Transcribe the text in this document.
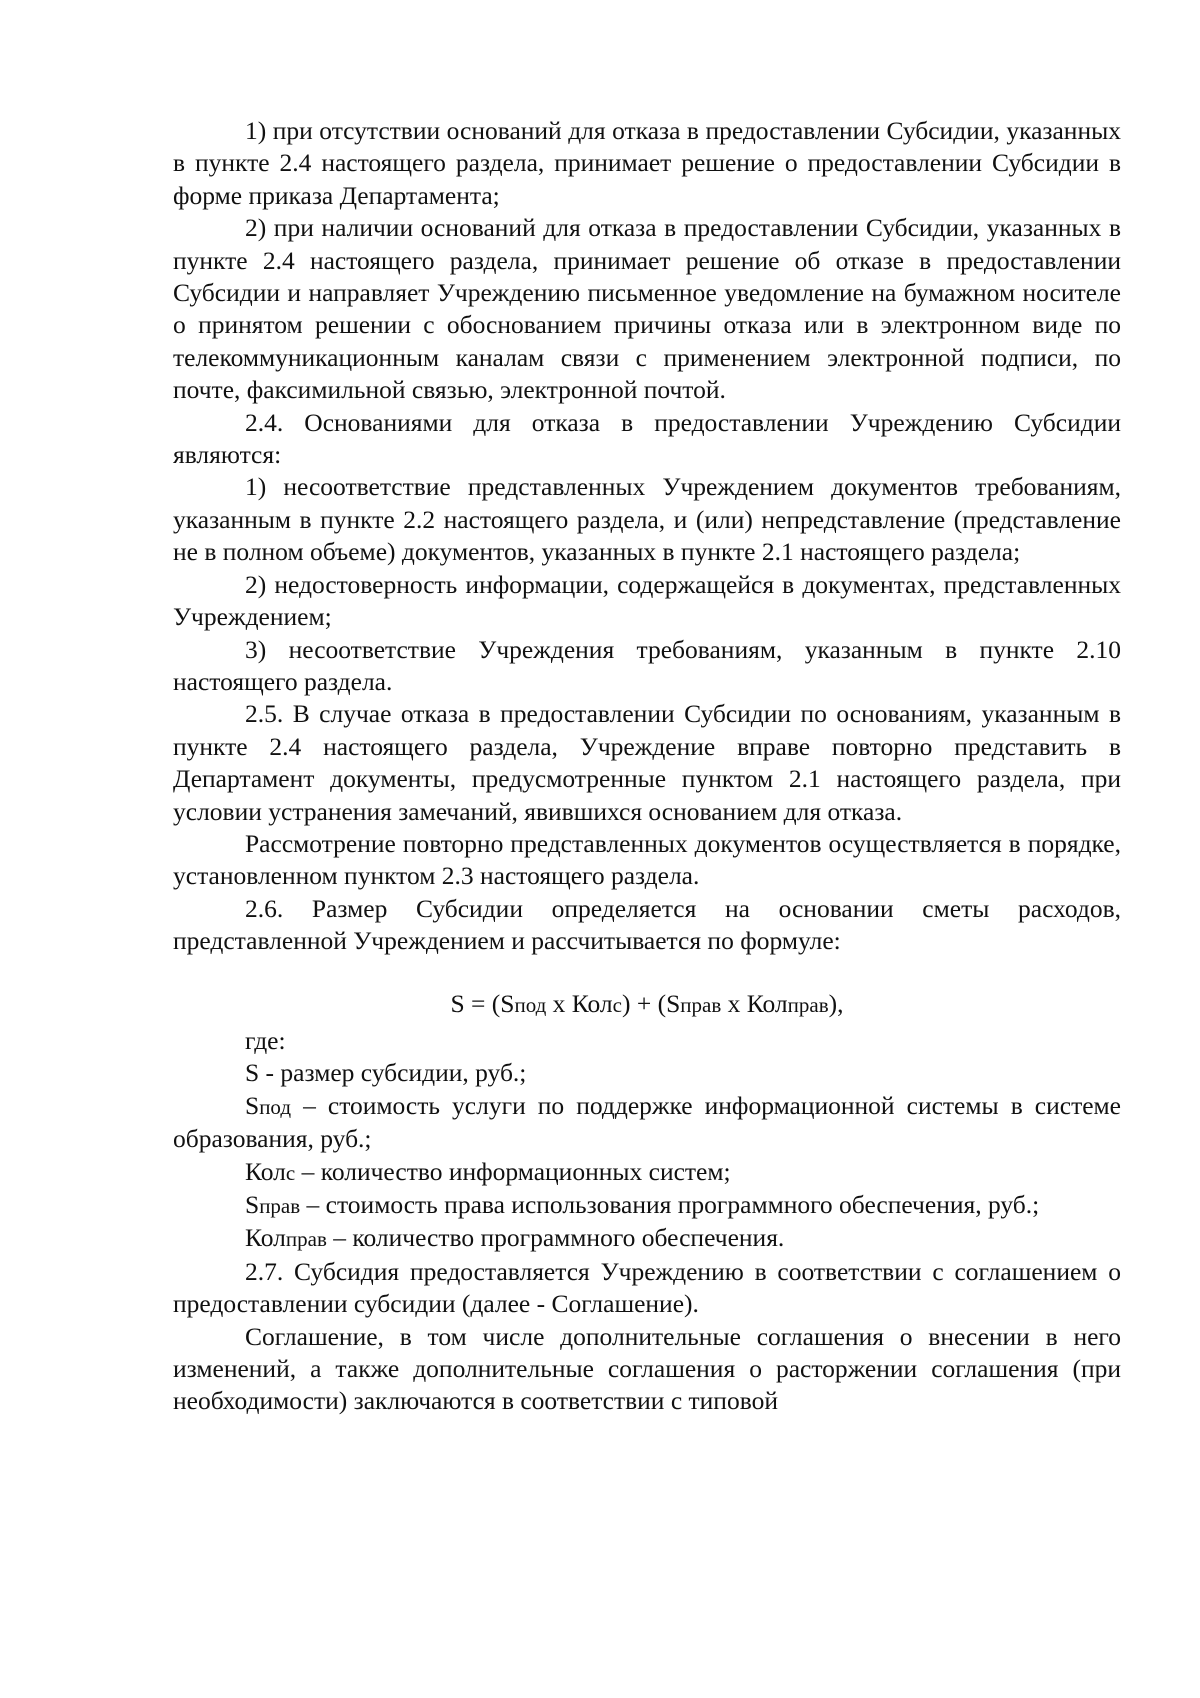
1) при отсутствии оснований для отказа в предоставлении Субсидии, указанных в пункте 2.4 настоящего раздела, принимает решение о предоставлении Субсидии в форме приказа Департамента;

2) при наличии оснований для отказа в предоставлении Субсидии, указанных в пункте 2.4 настоящего раздела, принимает решение об отказе в предоставлении Субсидии и направляет Учреждению письменное уведомление на бумажном носителе о принятом решении с обоснованием причины отказа или в электронном виде по телекоммуникационным каналам связи с применением электронной подписи, по почте, факсимильной связью, электронной почтой.

2.4. Основаниями для отказа в предоставлении Учреждению Субсидии являются:

1) несоответствие представленных Учреждением документов требованиям, указанным в пункте 2.2 настоящего раздела, и (или) непредставление (представление не в полном объеме) документов, указанных в пункте 2.1 настоящего раздела;

2) недостоверность информации, содержащейся в документах, представленных Учреждением;

3) несоответствие Учреждения требованиям, указанным в пункте 2.10 настоящего раздела.

2.5. В случае отказа в предоставлении Субсидии по основаниям, указанным в пункте 2.4 настоящего раздела, Учреждение вправе повторно представить в Департамент документы, предусмотренные пунктом 2.1 настоящего раздела, при условии устранения замечаний, явившихся основанием для отказа.

Рассмотрение повторно представленных документов осуществляется в порядке, установленном пунктом 2.3 настоящего раздела.

2.6. Размер Субсидии определяется на основании сметы расходов, представленной Учреждением и рассчитывается по формуле:

S = (Sпод х Колс) + (Sправ х Колправ),

где:

S - размер субсидии, руб.;

Sпод – стоимость услуги по поддержке информационной системы в системе образования, руб.;

Колс – количество информационных систем;

Sправ – стоимость права использования программного обеспечения, руб.;

Колправ – количество программного обеспечения.

2.7. Субсидия предоставляется Учреждению в соответствии с соглашением о предоставлении субсидии (далее - Соглашение).

Соглашение, в том числе дополнительные соглашения о внесении в него изменений, а также дополнительные соглашения о расторжении соглашения (при необходимости) заключаются в соответствии с типовой
